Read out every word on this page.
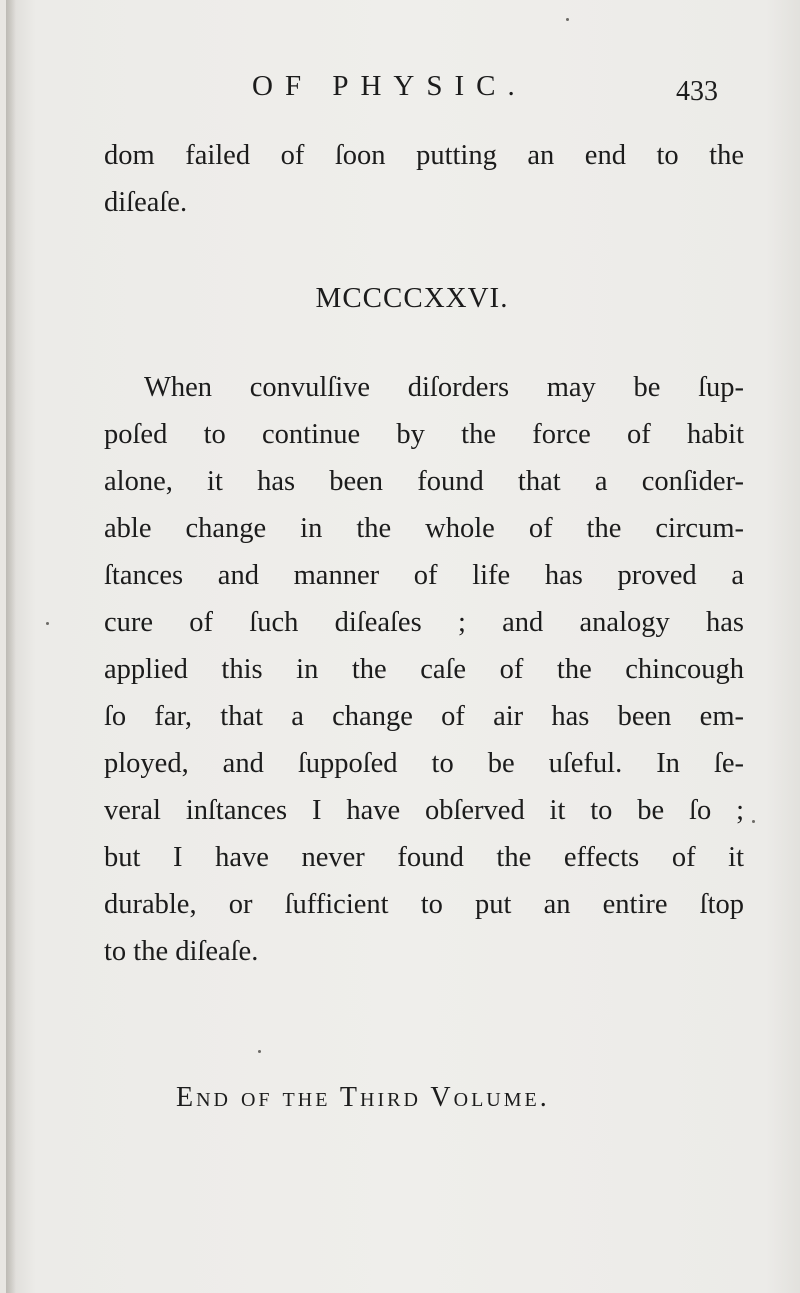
OF PHYSIC.	433
dom failed of ſoon putting an end to the
diſeaſe.
MCCCCXXVI.
When convulſive diſorders may be ſup-
poſed to continue by the force of habit
alone, it has been found that a conſider-
able change in the whole of the circum-
ſtances and manner of life has proved a
cure of ſuch diſeaſes ; and analogy has
applied this in the caſe of the chincough
ſo far, that a change of air has been em-
ployed, and ſuppoſed to be uſeful. In ſe-
veral inſtances I have obſerved it to be ſo ;
but I have never found the effects of it
durable, or ſufficient to put an entire ſtop
to the diſeaſe.
End of the Third Volume.
